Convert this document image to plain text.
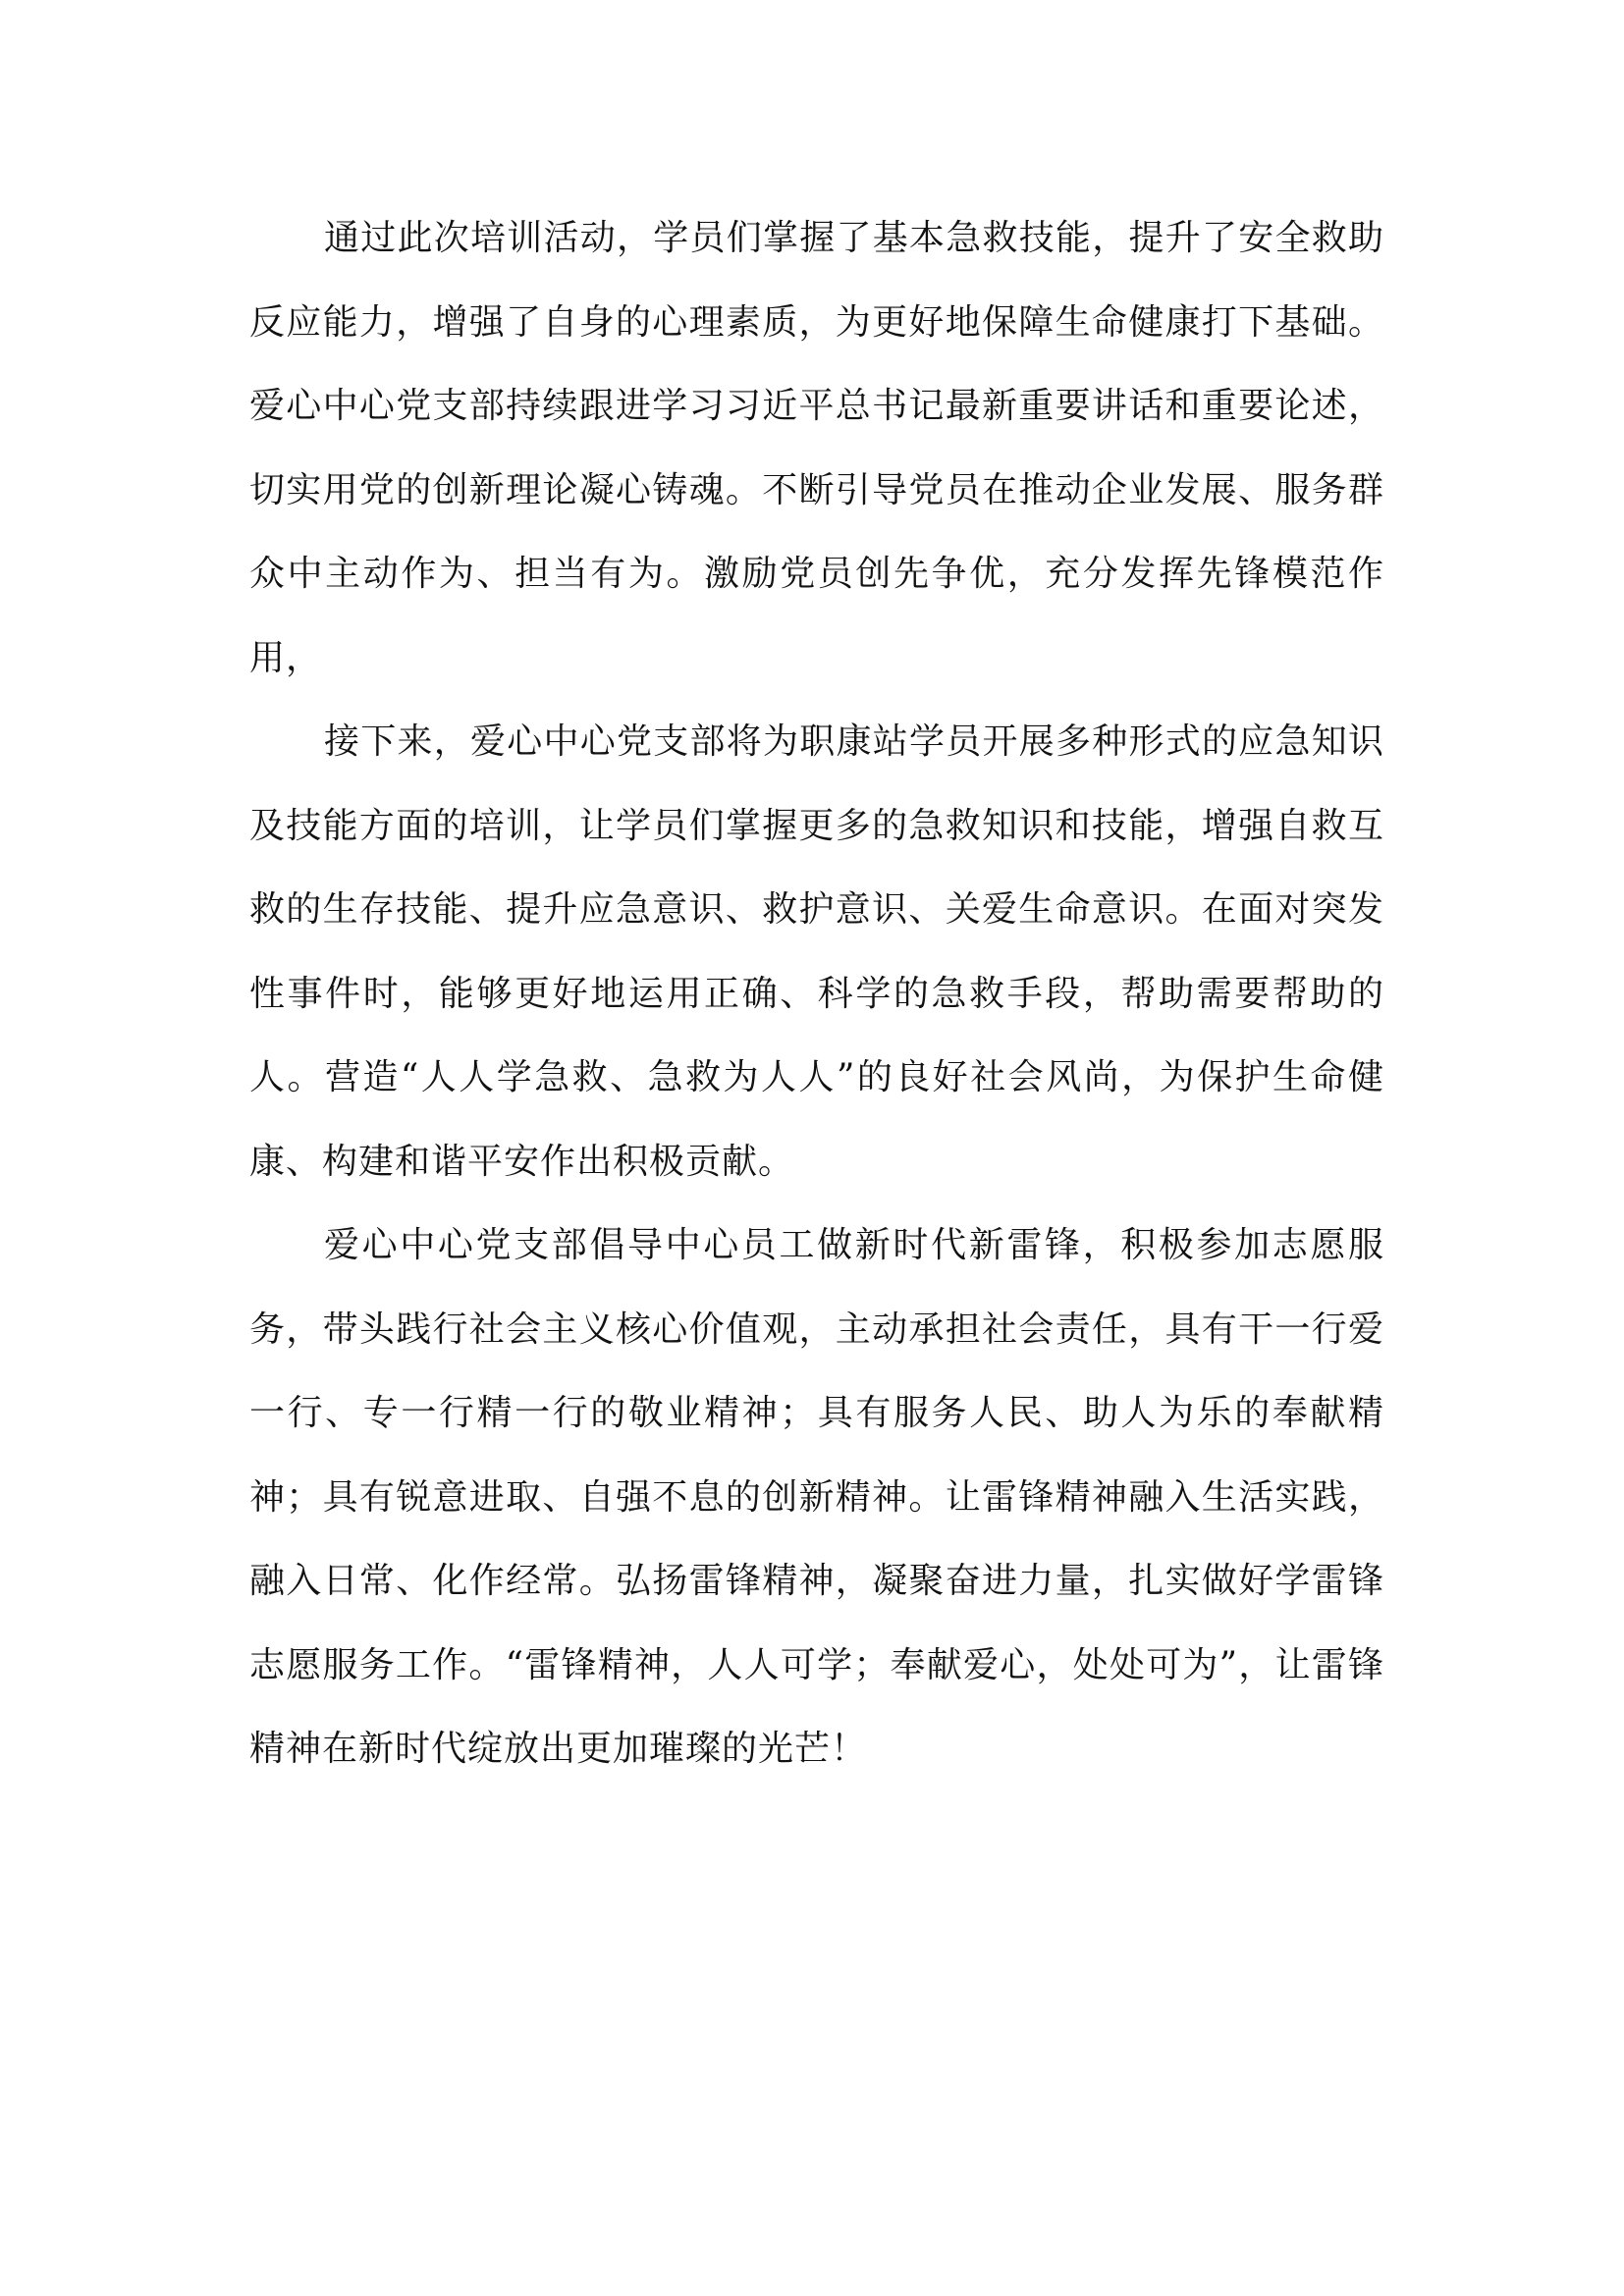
通过此次培训活动，学员们掌握了基本急救技能，提升了安全救助反应能力，增强了自身的心理素质，为更好地保障生命健康打下基础。爱心中心党支部持续跟进学习习近平总书记最新重要讲话和重要论述，切实用党的创新理论凝心铸魂。不断引导党员在推动企业发展、服务群众中主动作为、担当有为。激励党员创先争优，充分发挥先锋模范作用，

接下来，爱心中心党支部将为职康站学员开展多种形式的应急知识及技能方面的培训，让学员们掌握更多的急救知识和技能，增强自救互救的生存技能、提升应急意识、救护意识、关爱生命意识。在面对突发性事件时，能够更好地运用正确、科学的急救手段，帮助需要帮助的人。营造“人人学急救、急救为人人”的良好社会风尚，为保护生命健康、构建和谐平安作出积极贡献。

爱心中心党支部倡导中心员工做新时代新雷锋，积极参加志愿服务，带头践行社会主义核心价值观，主动承担社会责任，具有干一行爱一行、专一行精一行的敬业精神；具有服务人民、助人为乐的奉献精神；具有锐意进取、自强不息的创新精神。让雷锋精神融入生活实践，融入日常、化作经常。弘扬雷锋精神，凝聚奋进力量，扎实做好学雷锋志愿服务工作。“雷锋精神，人人可学；奉献爱心，处处可为”，让雷锋精神在新时代绽放出更加璀璨的光芒！
